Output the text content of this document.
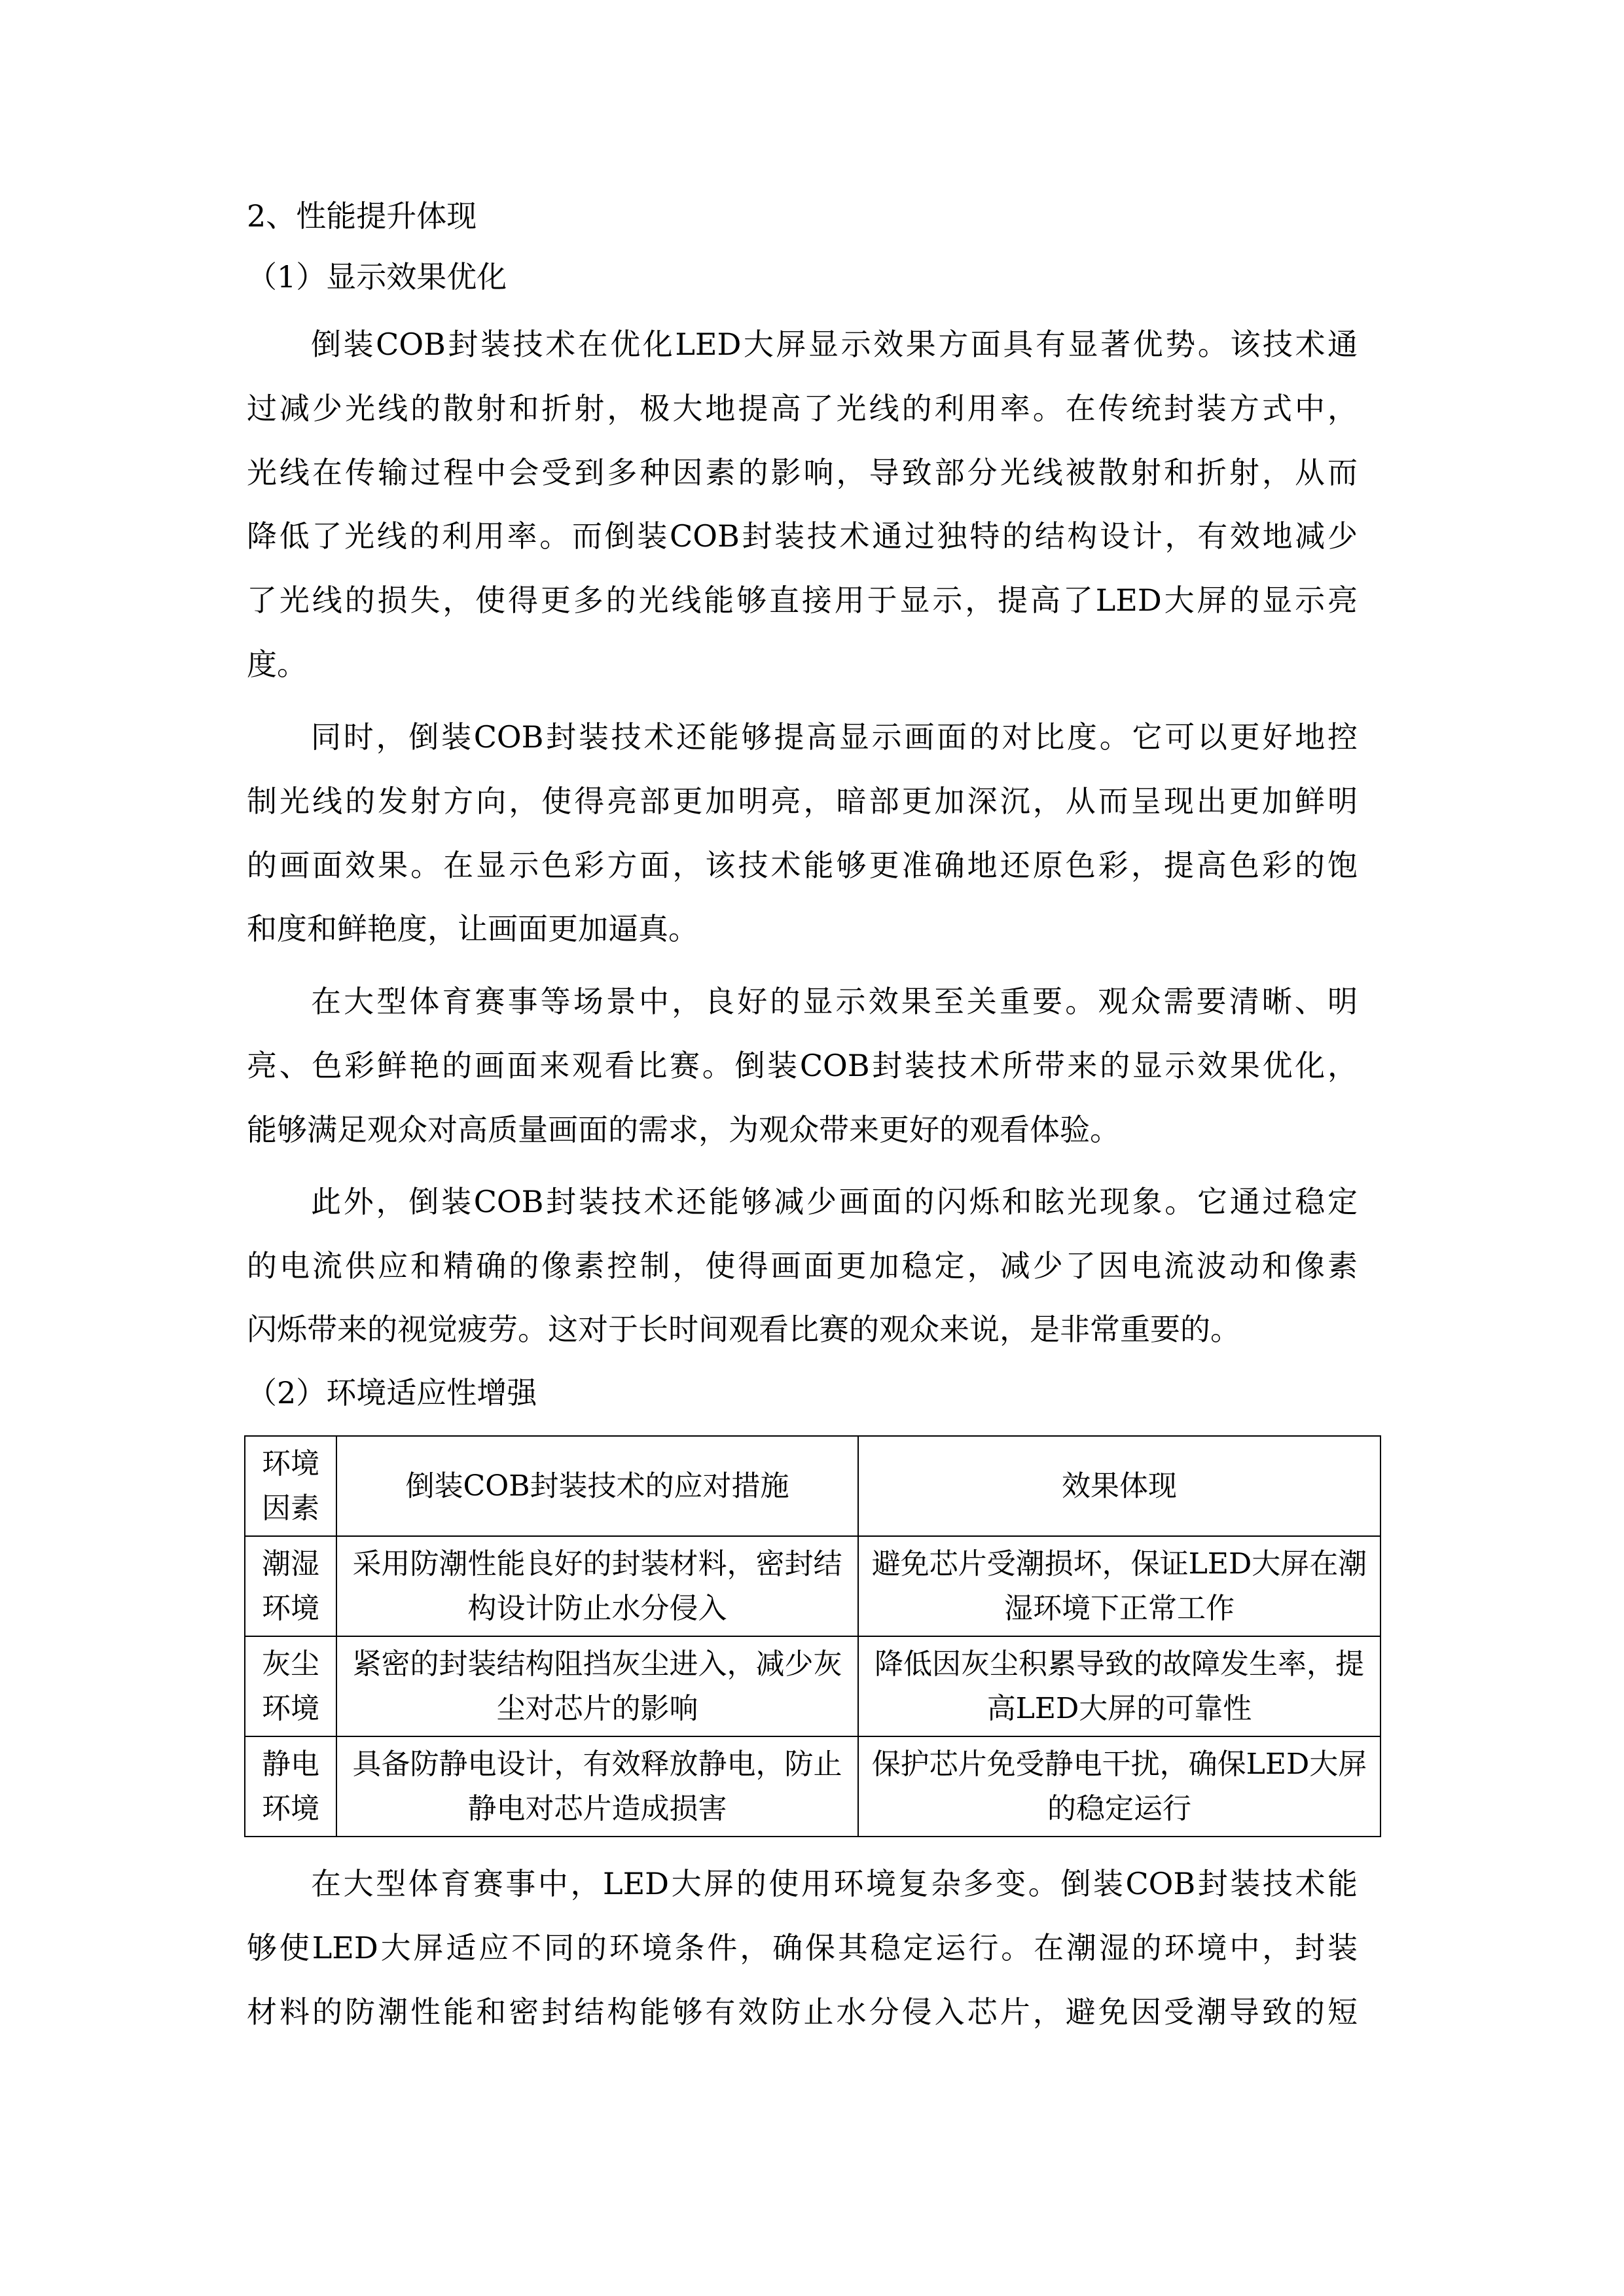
2、性能提升体现
（1）显示效果优化
倒装COB封装技术在优化LED大屏显示效果方面具有显著优势。该技术通
过减少光线的散射和折射，极大地提高了光线的利用率。在传统封装方式中，
光线在传输过程中会受到多种因素的影响，导致部分光线被散射和折射，从而
降低了光线的利用率。而倒装COB封装技术通过独特的结构设计，有效地减少
了光线的损失，使得更多的光线能够直接用于显示，提高了LED大屏的显示亮
度。
同时，倒装COB封装技术还能够提高显示画面的对比度。它可以更好地控
制光线的发射方向，使得亮部更加明亮，暗部更加深沉，从而呈现出更加鲜明
的画面效果。在显示色彩方面，该技术能够更准确地还原色彩，提高色彩的饱
和度和鲜艳度，让画面更加逼真。
在大型体育赛事等场景中，良好的显示效果至关重要。观众需要清晰、明
亮、色彩鲜艳的画面来观看比赛。倒装COB封装技术所带来的显示效果优化，
能够满足观众对高质量画面的需求，为观众带来更好的观看体验。
此外，倒装COB封装技术还能够减少画面的闪烁和眩光现象。它通过稳定
的电流供应和精确的像素控制，使得画面更加稳定，减少了因电流波动和像素
闪烁带来的视觉疲劳。这对于长时间观看比赛的观众来说，是非常重要的。
（2）环境适应性增强
环境因素	倒装COB封装技术的应对措施	效果体现
潮湿环境	采用防潮性能良好的封装材料，密封结构设计防止水分侵入	避免芯片受潮损坏，保证LED大屏在潮湿环境下正常工作
灰尘环境	紧密的封装结构阻挡灰尘进入，减少灰尘对芯片的影响	降低因灰尘积累导致的故障发生率，提高LED大屏的可靠性
静电环境	具备防静电设计，有效释放静电，防止静电对芯片造成损害	保护芯片免受静电干扰，确保LED大屏的稳定运行
在大型体育赛事中，LED大屏的使用环境复杂多变。倒装COB封装技术能
够使LED大屏适应不同的环境条件，确保其稳定运行。在潮湿的环境中，封装
材料的防潮性能和密封结构能够有效防止水分侵入芯片，避免因受潮导致的短
